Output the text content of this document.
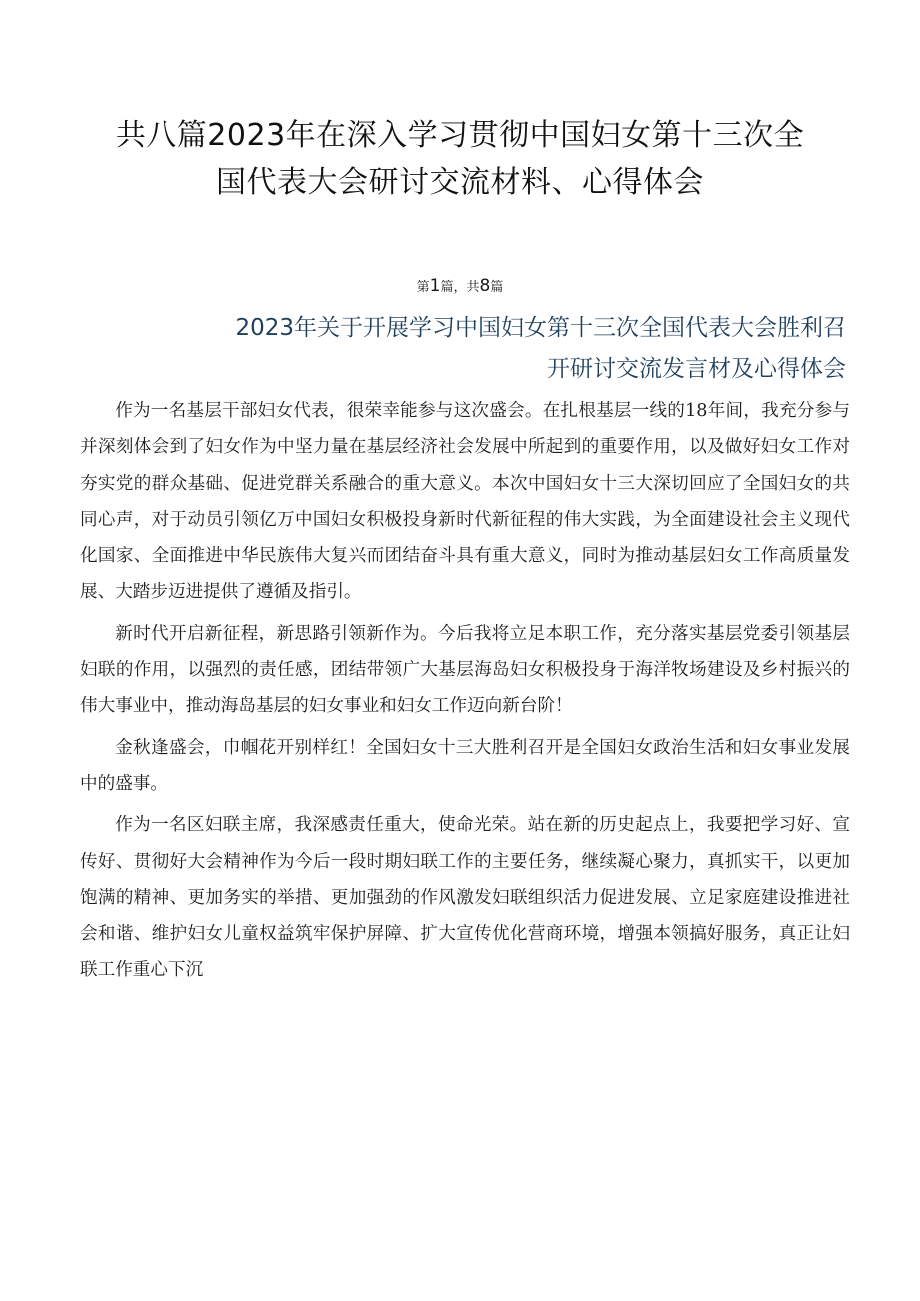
共八篇2023年在深入学习贯彻中国妇女第十三次全
国代表大会研讨交流材料、心得体会
第1篇，共8篇
2023年关于开展学习中国妇女第十三次全国代表大会胜利召
开研讨交流发言材及心得体会

作为一名基层干部妇女代表，很荣幸能参与这次盛会。在扎根基层一线的18年间，我充分参与并深刻体会到了妇女作为中坚力量在基层经济社会发展中所起到的重要作用，以及做好妇女工作对夯实党的群众基础、促进党群关系融合的重大意义。本次中国妇女十三大深切回应了全国妇女的共同心声，对于动员引领亿万中国妇女积极投身新时代新征程的伟大实践，为全面建设社会主义现代化国家、全面推进中华民族伟大复兴而团结奋斗具有重大意义，同时为推动基层妇女工作高质量发展、大踏步迈进提供了遵循及指引。

新时代开启新征程，新思路引领新作为。今后我将立足本职工作，充分落实基层党委引领基层妇联的作用，以强烈的责任感，团结带领广大基层海岛妇女积极投身于海洋牧场建设及乡村振兴的伟大事业中，推动海岛基层的妇女事业和妇女工作迈向新台阶！

金秋逢盛会，巾帼花开别样红！全国妇女十三大胜利召开是全国妇女政治生活和妇女事业发展中的盛事。

作为一名区妇联主席，我深感责任重大，使命光荣。站在新的历史起点上，我要把学习好、宣传好、贯彻好大会精神作为今后一段时期妇联工作的主要任务，继续凝心聚力，真抓实干，以更加饱满的精神、更加务实的举措、更加强劲的作风激发妇联组织活力促进发展、立足家庭建设推进社会和谐、维护妇女儿童权益筑牢保护屏障、扩大宣传优化营商环境，增强本领搞好服务，真正让妇联工作重心下沉
